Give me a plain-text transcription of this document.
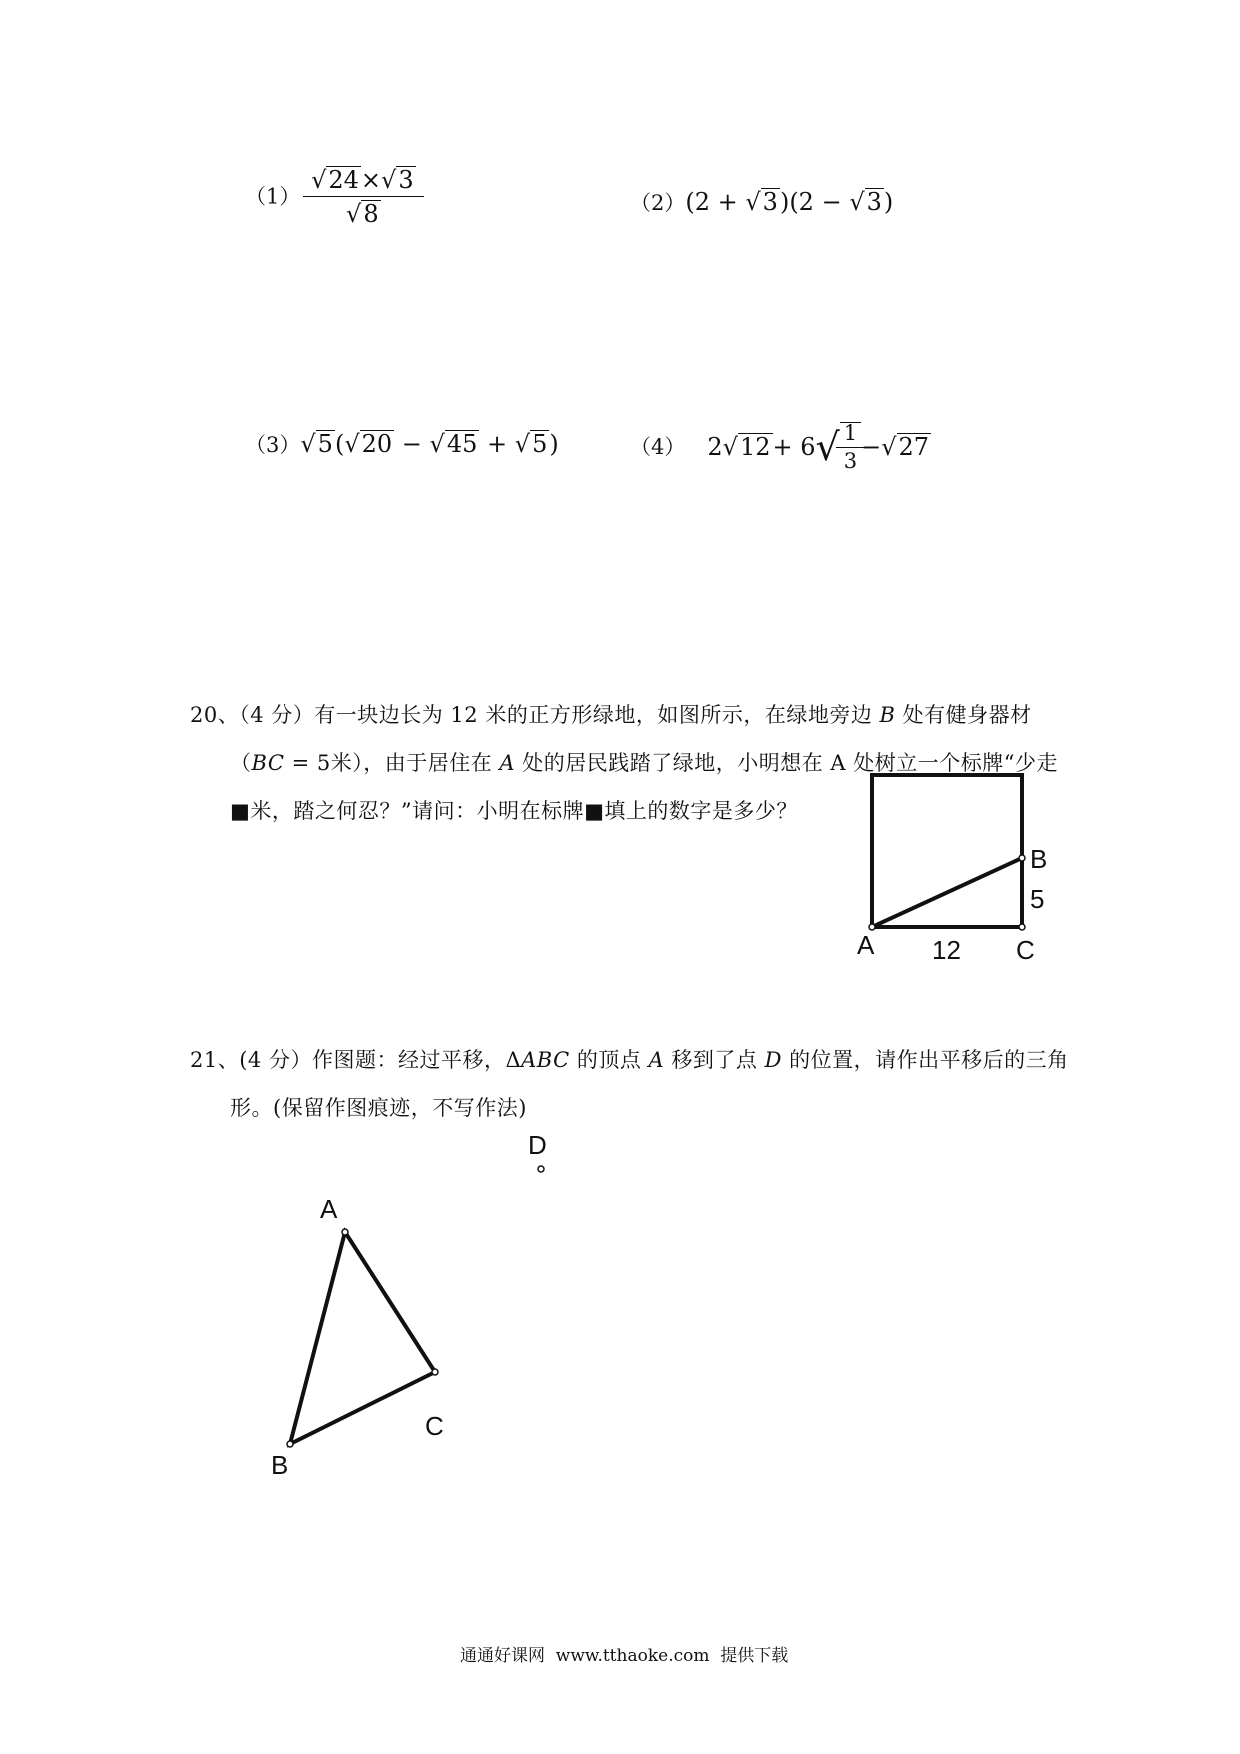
$(1) \frac{√24\times√3}{√8}$	（2）(2 + √3)(2 − √3)
（3）√5(√20 − √45 + √5)	（4） 2 √ 12 + 6 √ $\frac{1}{3}$ − √ 27
20、（4 分）有一块边长为 12 米的正方形绿地，如图所示，在绿地旁边 B 处有健身器材
（BC = 5米），由于居住在 A 处的居民践踏了绿地，小明想在 A 处树立一个标牌“少走
■米，踏之何忍？”请问：小明在标牌■填上的数字是多少？
A
B
5
12 C
21、(4 分）作图题：经过平移，ΔABC 的顶点 A 移到了点 D 的位置，请作出平移后的三角
形。(保留作图痕迹，不写作法)
D
A
C
B
通通好课网  www.tthaoke.com  提供下载
